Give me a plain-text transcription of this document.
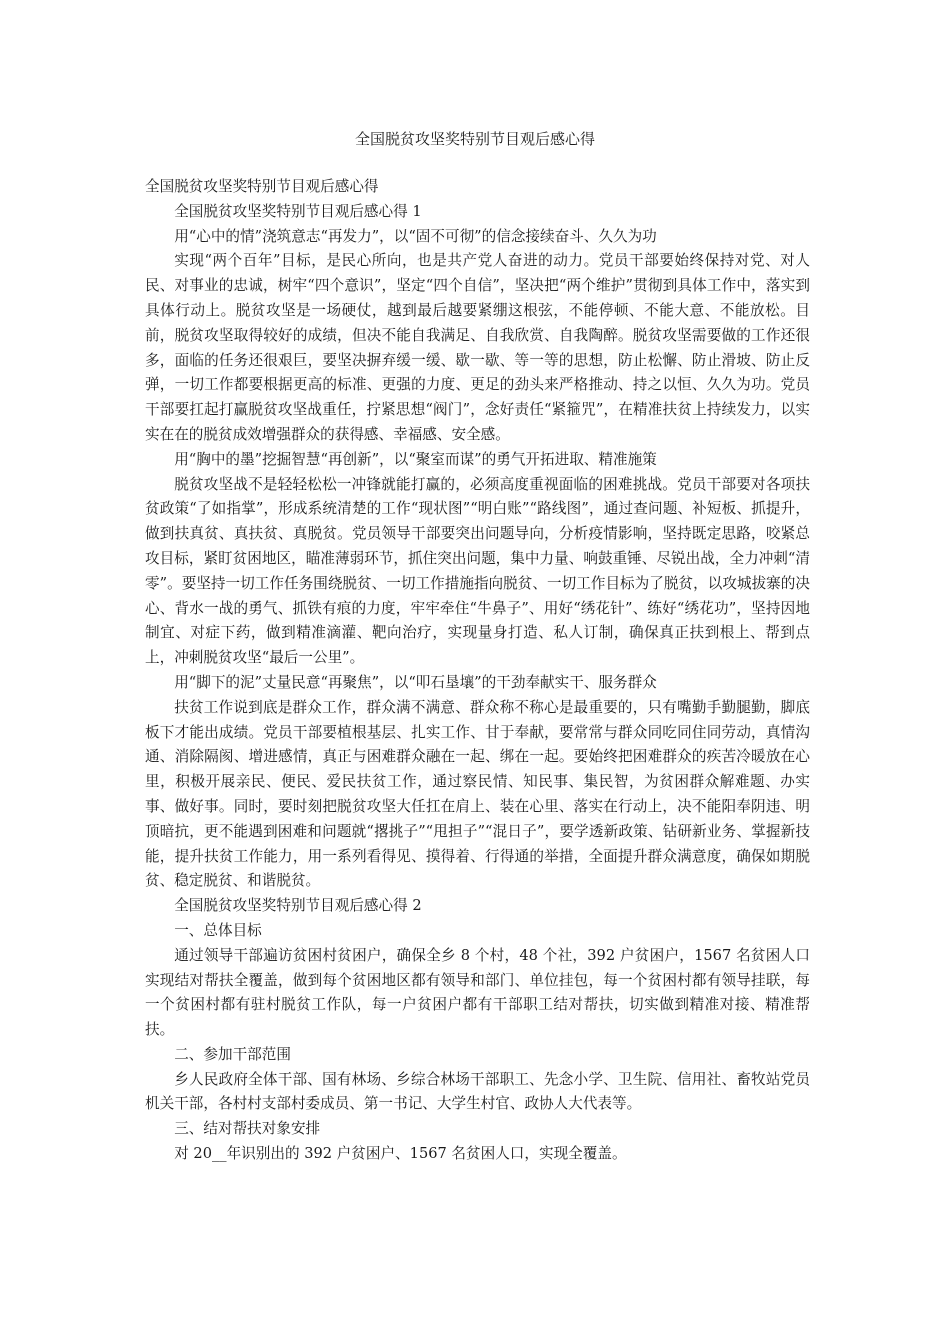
全国脱贫攻坚奖特别节目观后感心得

全国脱贫攻坚奖特别节目观后感心得

全国脱贫攻坚奖特别节目观后感心得 1

用“心中的情”浇筑意志“再发力”，以“固不可彻”的信念接续奋斗、久久为功

实现“两个百年”目标，是民心所向，也是共产党人奋进的动力。党员干部要始终保持对党、对人民、对事业的忠诚，树牢“四个意识”，坚定“四个自信”，坚决把“两个维护”贯彻到具体工作中，落实到具体行动上。脱贫攻坚是一场硬仗，越到最后越要紧绷这根弦，不能停顿、不能大意、不能放松。目前，脱贫攻坚取得较好的成绩，但决不能自我满足、自我欣赏、自我陶醉。脱贫攻坚需要做的工作还很多，面临的任务还很艰巨，要坚决摒弃缓一缓、歇一歇、等一等的思想，防止松懈、防止滑坡、防止反弹，一切工作都要根据更高的标准、更强的力度、更足的劲头来严格推动、持之以恒、久久为功。党员干部要扛起打赢脱贫攻坚战重任，拧紧思想“阀门”，念好责任“紧箍咒”，在精准扶贫上持续发力，以实实在在的脱贫成效增强群众的获得感、幸福感、安全感。

用“胸中的墨”挖掘智慧“再创新”，以“聚室而谋”的勇气开拓进取、精准施策

脱贫攻坚战不是轻轻松松一冲锋就能打赢的，必须高度重视面临的困难挑战。党员干部要对各项扶贫政策“了如指掌”，形成系统清楚的工作“现状图”“明白账”“路线图”，通过查问题、补短板、抓提升，做到扶真贫、真扶贫、真脱贫。党员领导干部要突出问题导向，分析疫情影响，坚持既定思路，咬紧总攻目标，紧盯贫困地区，瞄准薄弱环节，抓住突出问题，集中力量、响鼓重锤、尽锐出战，全力冲刺“清零”。要坚持一切工作任务围绕脱贫、一切工作措施指向脱贫、一切工作目标为了脱贫，以攻城拔寨的决心、背水一战的勇气、抓铁有痕的力度，牢牢牵住“牛鼻子”、用好“绣花针”、练好“绣花功”，坚持因地制宜、对症下药，做到精准滴灌、靶向治疗，实现量身打造、私人订制，确保真正扶到根上、帮到点上，冲刺脱贫攻坚“最后一公里”。

用“脚下的泥”丈量民意“再聚焦”，以“叩石垦壤”的干劲奉献实干、服务群众

扶贫工作说到底是群众工作，群众满不满意、群众称不称心是最重要的，只有嘴勤手勤腿勤，脚底板下才能出成绩。党员干部要植根基层、扎实工作、甘于奉献，要常常与群众同吃同住同劳动，真情沟通、消除隔阂、增进感情，真正与困难群众融在一起、绑在一起。要始终把困难群众的疾苦冷暖放在心里，积极开展亲民、便民、爱民扶贫工作，通过察民情、知民事、集民智，为贫困群众解难题、办实事、做好事。同时，要时刻把脱贫攻坚大任扛在肩上、装在心里、落实在行动上，决不能阳奉阴违、明顶暗抗，更不能遇到困难和问题就“撂挑子”“甩担子”“混日子”，要学透新政策、钻研新业务、掌握新技能，提升扶贫工作能力，用一系列看得见、摸得着、行得通的举措，全面提升群众满意度，确保如期脱贫、稳定脱贫、和谐脱贫。

全国脱贫攻坚奖特别节目观后感心得 2

一、总体目标

通过领导干部遍访贫困村贫困户，确保全乡 8 个村，48 个社，392 户贫困户，1567 名贫困人口实现结对帮扶全覆盖，做到每个贫困地区都有领导和部门、单位挂包，每一个贫困村都有领导挂联，每一个贫困村都有驻村脱贫工作队，每一户贫困户都有干部职工结对帮扶，切实做到精准对接、精准帮扶。

二、参加干部范围

乡人民政府全体干部、国有林场、乡综合林场干部职工、先念小学、卫生院、信用社、畜牧站党员机关干部，各村村支部村委成员、第一书记、大学生村官、政协人大代表等。

三、结对帮扶对象安排

对 20__年识别出的 392 户贫困户、1567 名贫困人口，实现全覆盖。
